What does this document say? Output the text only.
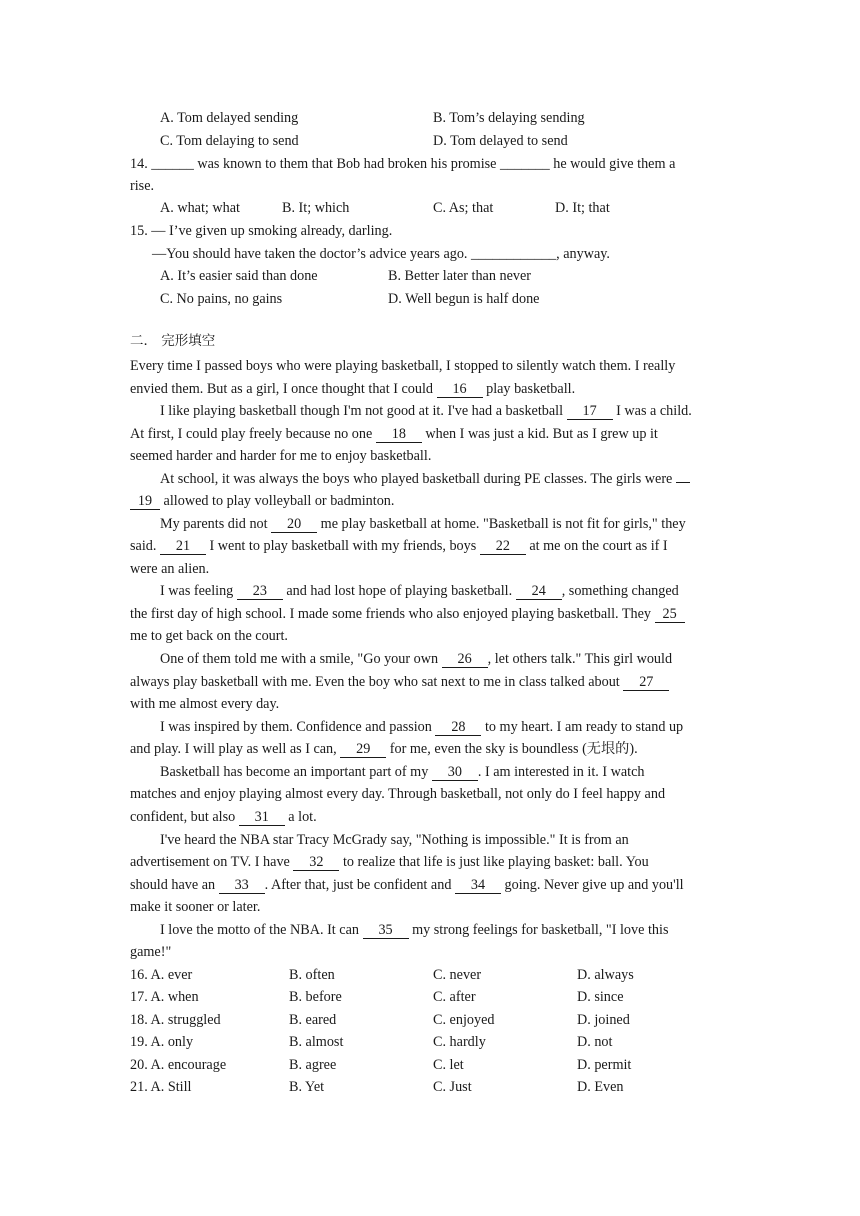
A. Tom delayed sending	B. Tom’s delaying sending
C. Tom delaying to send	D. Tom delayed to send
14. ______ was known to them that Bob had broken his promise _______ he would give them a
rise.
A. what; what	B. It; which	C. As; that	D. It; that
15. — I’ve given up smoking already, darling.
—You should have taken the doctor’s advice years ago. ____________, anyway.
A. It’s easier said than done	B. Better later than never
C. No pains, no gains	D. Well begun is half done
二． 完形填空
Every time I passed boys who were playing basketball, I stopped to silently watch them. I really
envied them. But as a girl, I once thought that I could 16 play basketball.
I like playing basketball though I'm not good at it. I've had a basketball 17 I was a child.
At first, I could play freely because no one 18 when I was just a kid. But as I grew up it
seemed harder and harder for me to enjoy basketball.
At school, it was always the boys who played basketball during PE classes. The girls were
19 allowed to play volleyball or badminton.
My parents did not 20 me play basketball at home. "Basketball is not fit for girls," they
said. 21 I went to play basketball with my friends, boys 22 at me on the court as if I
were an alien.
I was feeling 23 and had lost hope of playing basketball. 24 , something changed
the first day of high school. I made some friends who also enjoyed playing basketball. They 25
me to get back on the court.
One of them told me with a smile, "Go your own 26 , let others talk." This girl would
always play basketball with me. Even the boy who sat next to me in class talked about 27
with me almost every day.
I was inspired by them. Confidence and passion 28 to my heart. I am ready to stand up
and play. I will play as well as I can, 29 for me, even the sky is boundless (无垠的).
Basketball has become an important part of my 30 . I am interested in it. I watch
matches and enjoy playing almost every day. Through basketball, not only do I feel happy and
confident, but also 31 a lot.
I've heard the NBA star Tracy McGrady say, "Nothing is impossible." It is from an
advertisement on TV. I have 32 to realize that life is just like playing basket: ball. You
should have an 33 . After that, just be confident and 34 going. Never give up and you'll
make it sooner or later.
I love the motto of the NBA. It can 35 my strong feelings for basketball, "I love this
game!"
16. A. ever	B. often	C. never	D. always
17. A. when	B. before	C. after	D. since
18. A. struggled	B. eared	C. enjoyed	D. joined
19. A. only	B. almost	C. hardly	D. not
20. A. encourage	B. agree	C. let	D. permit
21. A. Still	B. Yet	C. Just	D. Even
